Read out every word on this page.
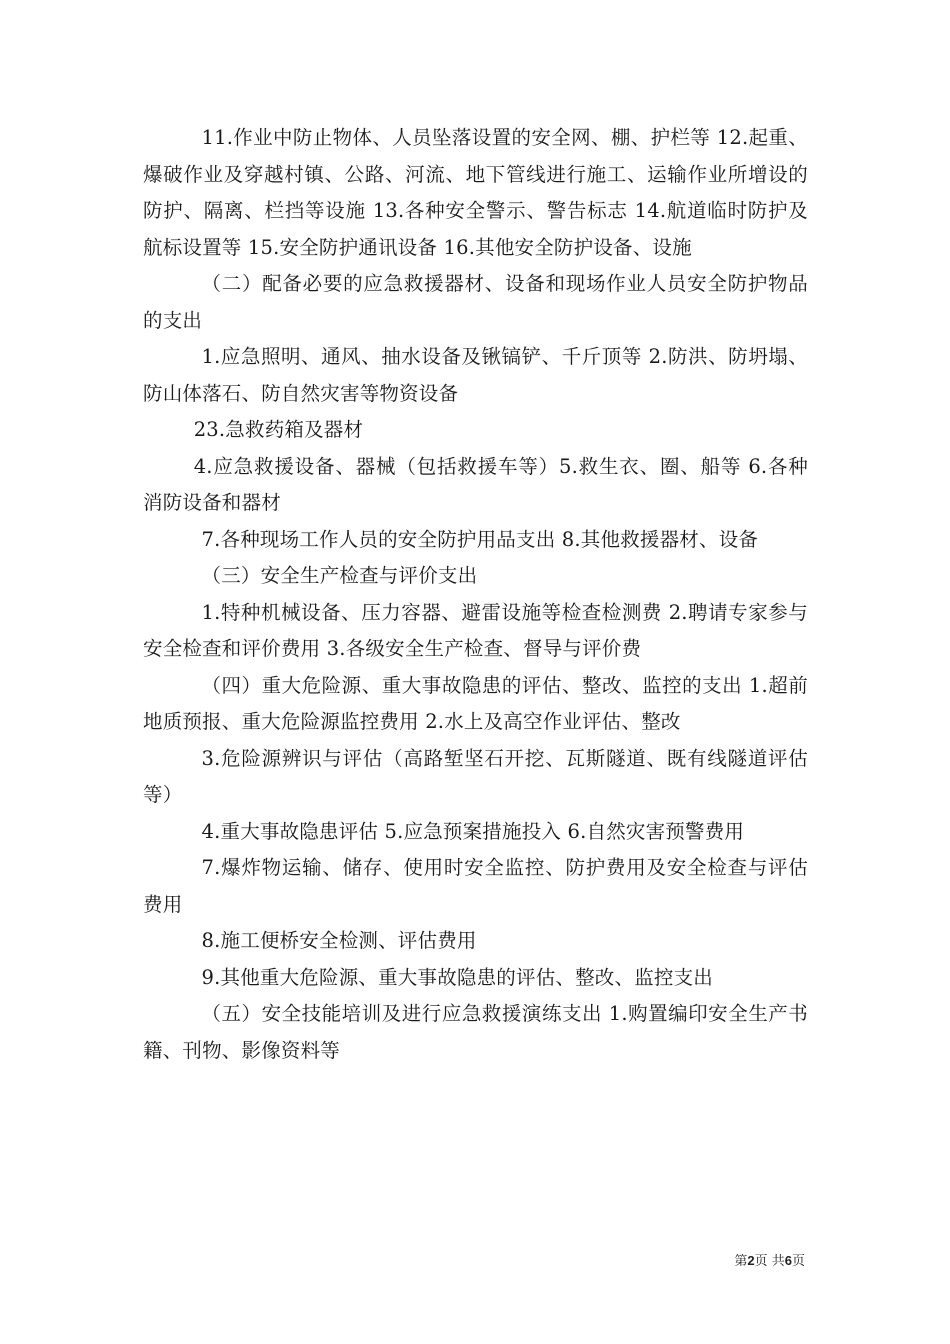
11.作业中防止物体、人员坠落设置的安全网、棚、护栏等 12.起重、爆破作业及穿越村镇、公路、河流、地下管线进行施工、运输作业所增设的防护、隔离、栏挡等设施 13.各种安全警示、警告标志 14.航道临时防护及航标设置等 15.安全防护通讯设备 16.其他安全防护设备、设施

（二）配备必要的应急救援器材、设备和现场作业人员安全防护物品的支出

1.应急照明、通风、抽水设备及锹镐铲、千斤顶等 2.防洪、防坍塌、防山体落石、防自然灾害等物资设备

23.急救药箱及器材

4.应急救援设备、器械（包括救援车等）5.救生衣、圈、船等 6.各种消防设备和器材

7.各种现场工作人员的安全防护用品支出 8.其他救援器材、设备

（三）安全生产检查与评价支出

1.特种机械设备、压力容器、避雷设施等检查检测费 2.聘请专家参与安全检查和评价费用 3.各级安全生产检查、督导与评价费

（四）重大危险源、重大事故隐患的评估、整改、监控的支出 1.超前地质预报、重大危险源监控费用 2.水上及高空作业评估、整改

3.危险源辨识与评估（高路堑坚石开挖、瓦斯隧道、既有线隧道评估等）

4.重大事故隐患评估 5.应急预案措施投入 6.自然灾害预警费用

7.爆炸物运输、储存、使用时安全监控、防护费用及安全检查与评估费用

8.施工便桥安全检测、评估费用

9.其他重大危险源、重大事故隐患的评估、整改、监控支出

（五）安全技能培训及进行应急救援演练支出 1.购置编印安全生产书籍、刊物、影像资料等

第2页 共6页
